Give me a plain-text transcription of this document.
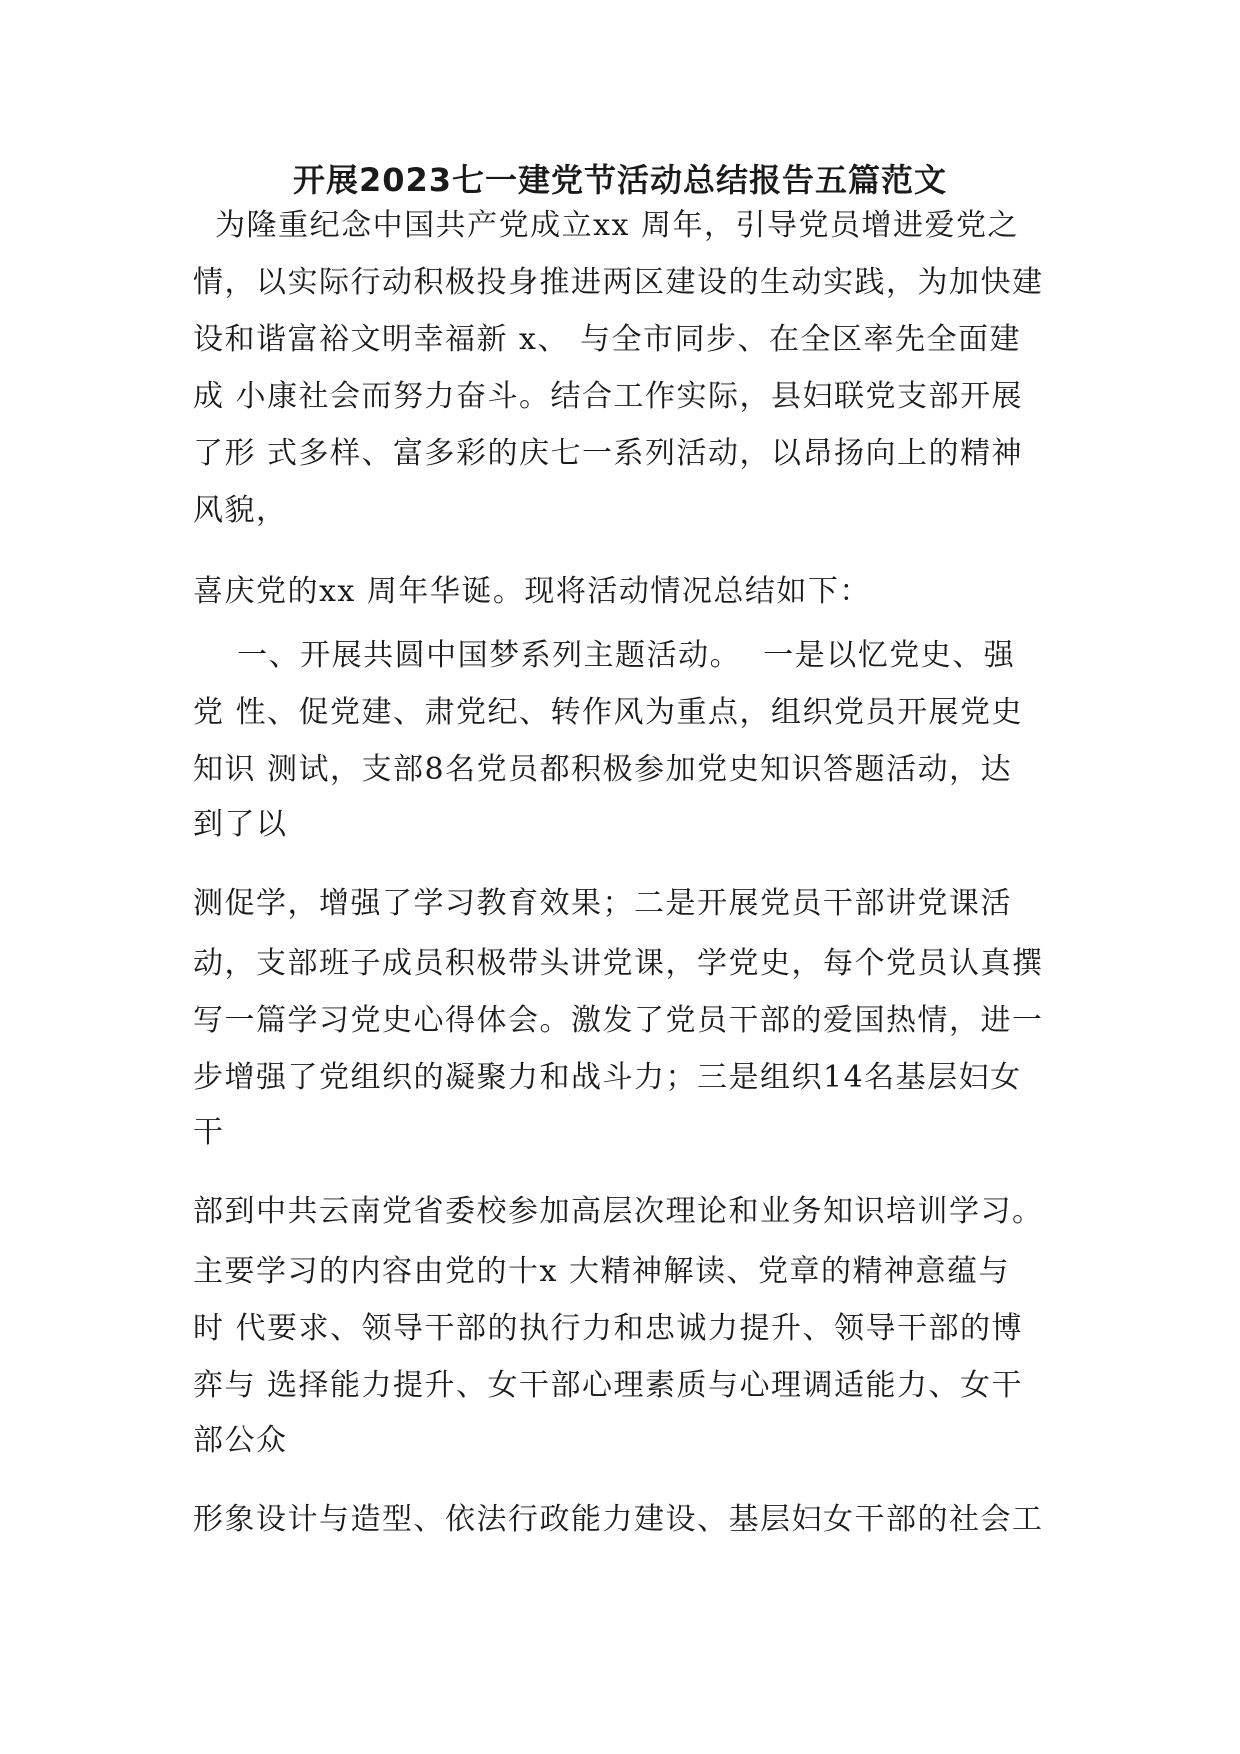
开展2023七一建党节活动总结报告五篇范文
为隆重纪念中国共产党成立xx 周年，引导党员增进爱党之
情，以实际行动积极投身推进两区建设的生动实践，为加快建
设和谐富裕文明幸福新 x、 与全市同步、在全区率先全面建
成 小康社会而努力奋斗。结合工作实际，县妇联党支部开展
了形 式多样、富多彩的庆七一系列活动，以昂扬向上的精神
风貌，
喜庆党的xx 周年华诞。现将活动情况总结如下：
一、开展共圆中国梦系列主题活动。  一是以忆党史、强
党 性、促党建、肃党纪、转作风为重点，组织党员开展党史
知识 测试，支部8名党员都积极参加党史知识答题活动，达
到了以
测促学，增强了学习教育效果；二是开展党员干部讲党课活
动，支部班子成员积极带头讲党课，学党史，每个党员认真撰
写一篇学习党史心得体会。激发了党员干部的爱国热情，进一
步增强了党组织的凝聚力和战斗力；三是组织14名基层妇女
干
部到中共云南党省委校参加高层次理论和业务知识培训学习。
主要学习的内容由党的十x 大精神解读、党章的精神意蕴与
时 代要求、领导干部的执行力和忠诚力提升、领导干部的博
弈与 选择能力提升、女干部心理素质与心理调适能力、女干
部公众
形象设计与造型、依法行政能力建设、基层妇女干部的社会工
